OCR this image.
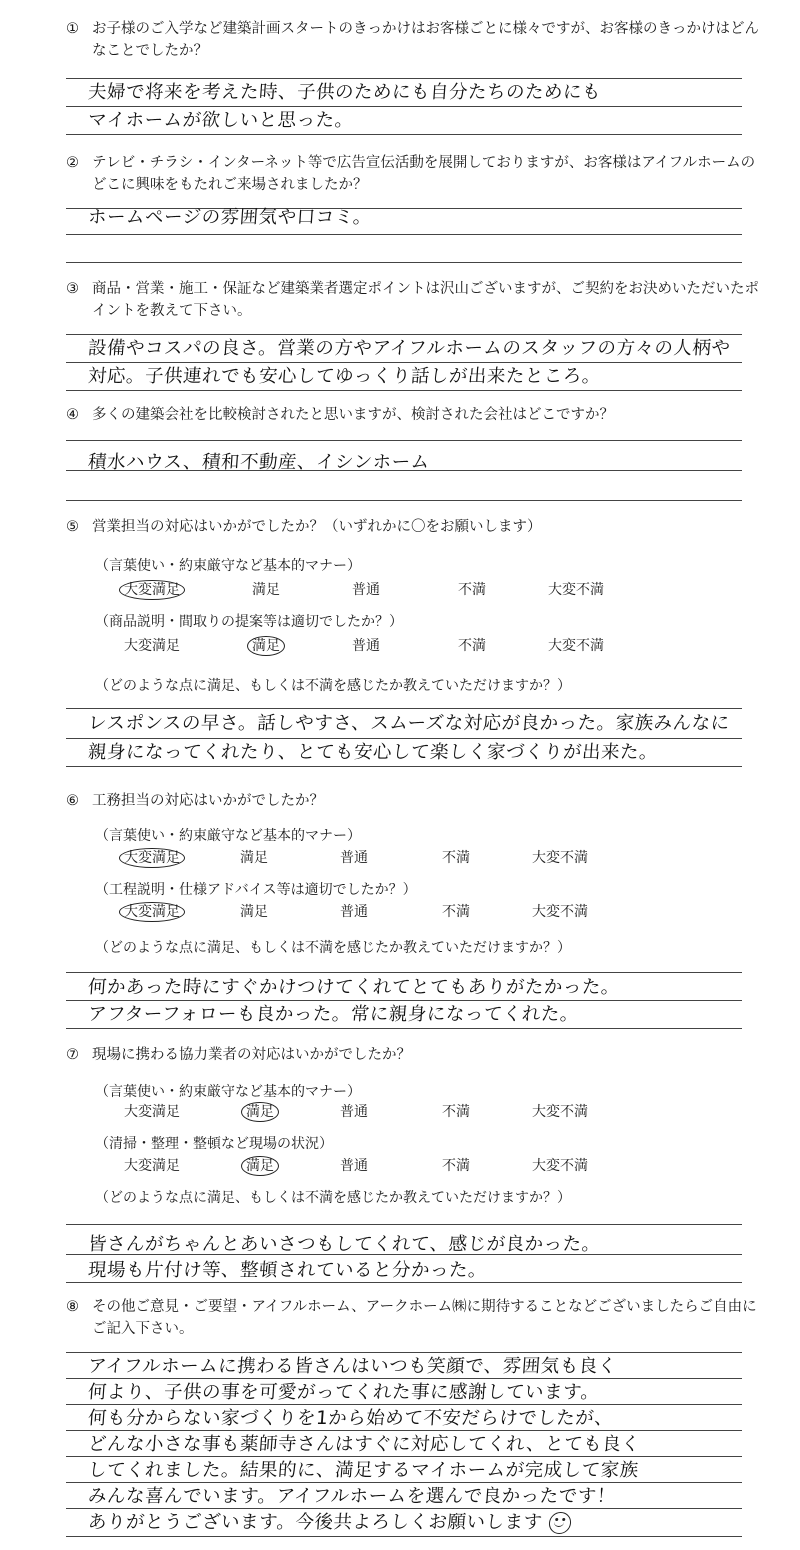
① お子様のご入学など建築計画スタートのきっかけはお客様ごとに様々ですが、お客様のきっかけはどんなことでしたか？
夫婦で将来を考えた時、子供のためにも自分たちのためにも
マイホームが欲しいと思った。
② テレビ・チラシ・インターネット等で広告宣伝活動を展開しておりますが、お客様はアイフルホームのどこに興味をもたれご来場されましたか？
ホームページの雰囲気や口コミ。
③ 商品・営業・施工・保証など建築業者選定ポイントは沢山ございますが、ご契約をお決めいただいたポイントを教えて下さい。
設備やコスパの良さ。営業の方やアイフルホームのスタッフの方々の人柄や
対応。子供連れでも安心してゆっくり話しが出来たところ。
④ 多くの建築会社を比較検討されたと思いますが、検討された会社はどこですか？
積水ハウス、積和不動産、イシンホーム
⑤ 営業担当の対応はいかがでしたか？（いずれかに〇をお願いします）
（言葉使い・約束厳守など基本的マナー）
大変満足	満足	普通	不満	大変不満
（商品説明・間取りの提案等は適切でしたか？）
大変満足	満足	普通	不満	大変不満
（どのような点に満足、もしくは不満を感じたか教えていただけますか？）
レスポンスの早さ。話しやすさ、スムーズな対応が良かった。家族みんなに
親身になってくれたり、とても安心して楽しく家づくりが出来た。
⑥ 工務担当の対応はいかがでしたか？
（言葉使い・約束厳守など基本的マナー）
大変満足	満足	普通	不満	大変不満
（工程説明・仕様アドバイス等は適切でしたか？）
大変満足	満足	普通	不満	大変不満
（どのような点に満足、もしくは不満を感じたか教えていただけますか？）
何かあった時にすぐかけつけてくれてとてもありがたかった。
アフターフォローも良かった。常に親身になってくれた。
⑦ 現場に携わる協力業者の対応はいかがでしたか？
（言葉使い・約束厳守など基本的マナー）
大変満足	満足	普通	不満	大変不満
（清掃・整理・整頓など現場の状況）
大変満足	満足	普通	不満	大変不満
（どのような点に満足、もしくは不満を感じたか教えていただけますか？）
皆さんがちゃんとあいさつもしてくれて、感じが良かった。
現場も片付け等、整頓されていると分かった。
⑧ その他ご意見・ご要望・アイフルホーム、アークホーム㈱に期待することなどございましたらご自由にご記入下さい。
アイフルホームに携わる皆さんはいつも笑顔で、雰囲気も良く
何より、子供の事を可愛がってくれた事に感謝しています。
何も分からない家づくりを1から始めて不安だらけでしたが、
どんな小さな事も薬師寺さんはすぐに対応してくれ、とても良く
してくれました。結果的に、満足するマイホームが完成して家族
みんな喜んでいます。アイフルホームを選んで良かったです！
ありがとうございます。今後共よろしくお願いします
